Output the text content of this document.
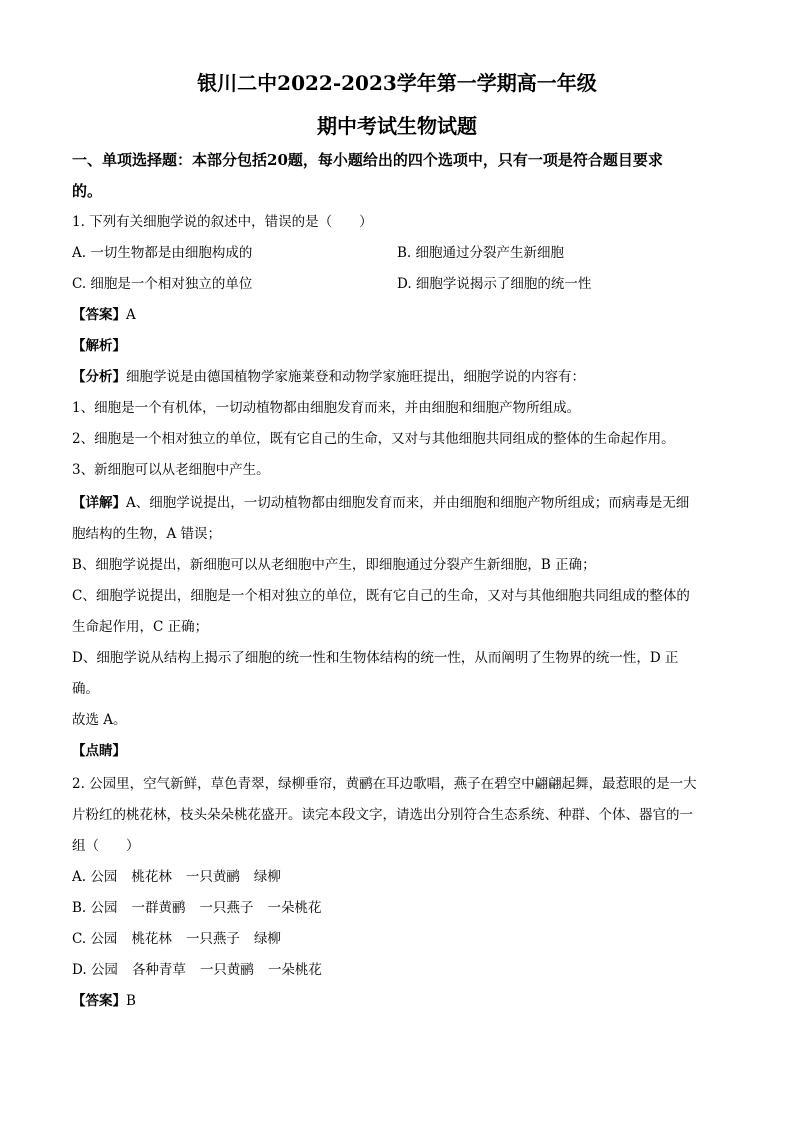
银川二中2022-2023学年第一学期高一年级
期中考试生物试题
一、单项选择题：本部分包括20题，每小题给出的四个选项中，只有一项是符合题目要求
的。
1. 下列有关细胞学说的叙述中，错误的是（　　）
A. 一切生物都是由细胞构成的	B. 细胞通过分裂产生新细胞
C. 细胞是一个相对独立的单位	D. 细胞学说揭示了细胞的统一性
【答案】A
【解析】
【分析】细胞学说是由德国植物学家施莱登和动物学家施旺提出，细胞学说的内容有：
1、细胞是一个有机体，一切动植物都由细胞发育而来，并由细胞和细胞产物所组成。
2、细胞是一个相对独立的单位，既有它自己的生命，又对与其他细胞共同组成的整体的生命起作用。
3、新细胞可以从老细胞中产生。
【详解】A、细胞学说提出，一切动植物都由细胞发育而来，并由细胞和细胞产物所组成；而病毒是无细
胞结构的生物，A 错误；
B、细胞学说提出，新细胞可以从老细胞中产生，即细胞通过分裂产生新细胞，B 正确；
C、细胞学说提出，细胞是一个相对独立的单位，既有它自己的生命，又对与其他细胞共同组成的整体的
生命起作用，C 正确；
D、细胞学说从结构上揭示了细胞的统一性和生物体结构的统一性，从而阐明了生物界的统一性，D 正
确。
故选 A。
【点睛】
2. 公园里，空气新鲜，草色青翠，绿柳垂帘，黄鹂在耳边歌唱，燕子在碧空中翩翩起舞，最惹眼的是一大
片粉红的桃花林，枝头朵朵桃花盛开。读完本段文字，请选出分别符合生态系统、种群、个体、器官的一
组（　　）
A. 公园 桃花林 一只黄鹂 绿柳
B. 公园 一群黄鹂 一只燕子 一朵桃花
C. 公园 桃花林 一只燕子 绿柳
D. 公园 各种青草 一只黄鹂 一朵桃花
【答案】B
